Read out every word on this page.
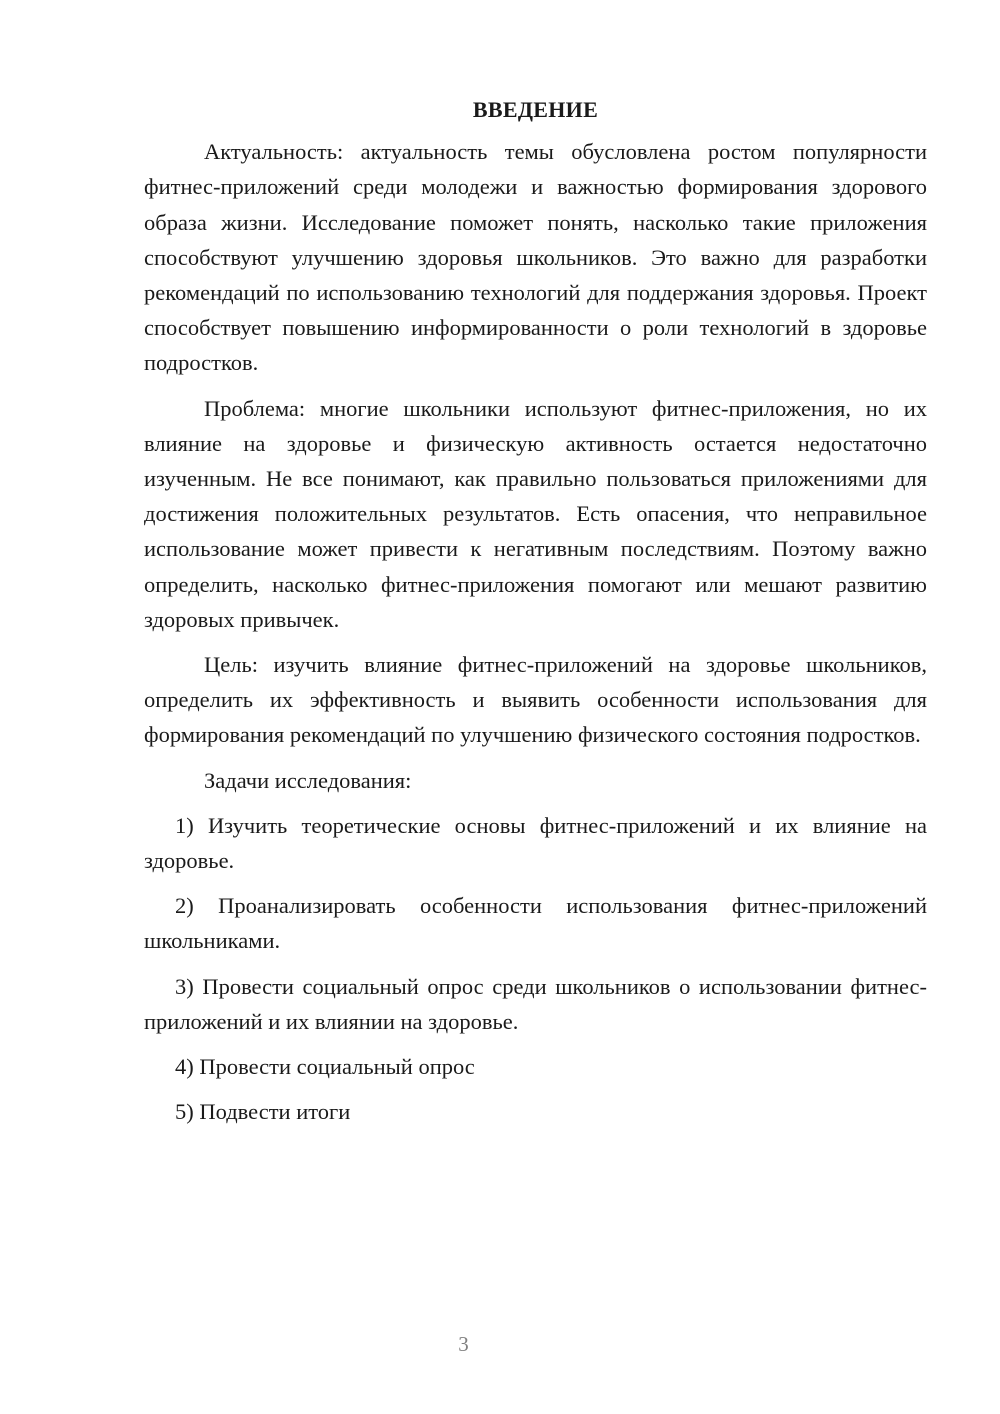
ВВЕДЕНИЕ

Актуальность: актуальность темы обусловлена ростом популярности фитнес-приложений среди молодежи и важностью формирования здорового образа жизни. Исследование поможет понять, насколько такие приложения способствуют улучшению здоровья школьников. Это важно для разработки рекомендаций по использованию технологий для поддержания здоровья. Проект способствует повышению информированности о роли технологий в здоровье подростков.

Проблема: многие школьники используют фитнес-приложения, но их влияние на здоровье и физическую активность остается недостаточно изученным. Не все понимают, как правильно пользоваться приложениями для достижения положительных результатов. Есть опасения, что неправильное использование может привести к негативным последствиям. Поэтому важно определить, насколько фитнес-приложения помогают или мешают развитию здоровых привычек.

Цель: изучить влияние фитнес-приложений на здоровье школьников, определить их эффективность и выявить особенности использования для формирования рекомендаций по улучшению физического состояния подростков.

Задачи исследования:

1) Изучить теоретические основы фитнес-приложений и их влияние на здоровье.

2) Проанализировать особенности использования фитнес-приложений школьниками.

3) Провести социальный опрос среди школьников о использовании фитнес-приложений и их влиянии на здоровье.

4) Провести социальный опрос

5) Подвести итоги

3
